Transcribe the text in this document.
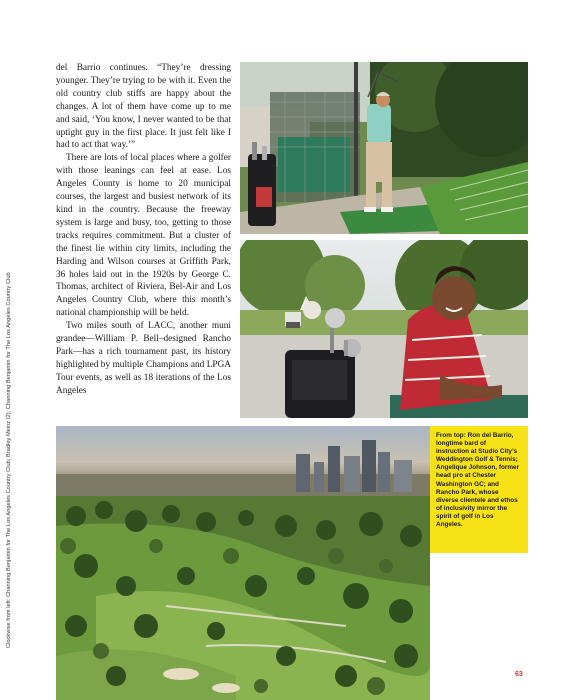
Clockwise from left: Channing Benjamin for The Los Angeles Country Club; Bradley Meinz (2); Channing Benjamin for The Los Angeles Country Club

del Barrio continues. “They’re dressing younger. They’re trying to be with it. Even the old country club stiffs are happy about the changes. A lot of them have come up to me and said, ‘You know, I never wanted to be that uptight guy in the first place. It just felt like I had to act that way.’”

There are lots of local places where a golfer with those leanings can feel at ease. Los Angeles County is home to 20 municipal courses, the largest and busiest network of its kind in the country. Because the freeway system is large and busy, too, getting to those tracks requires commitment. But a cluster of the finest lie within city limits, including the Harding and Wilson courses at Griffith Park, 36 holes laid out in the 1920s by George C. Thomas, architect of Riviera, Bel-Air and Los Angeles Country Club, where this month’s national championship will be held.

Two miles south of LACC, another muni grandee—William P. Bell–designed Rancho Park—has a rich tournament past, its history highlighted by multiple Champions and LPGA Tour events, as well as 18 iterations of the Los Angeles

From top: Ron del Barrio, longtime bard of instruction at Studio City’s Weddington Golf & Tennis; Angelique Johnson, former head pro at Chester Washington GC; and Rancho Park, whose diverse clientele and ethos of inclusivity mirror the spirit of golf in Los Angeles.
63
